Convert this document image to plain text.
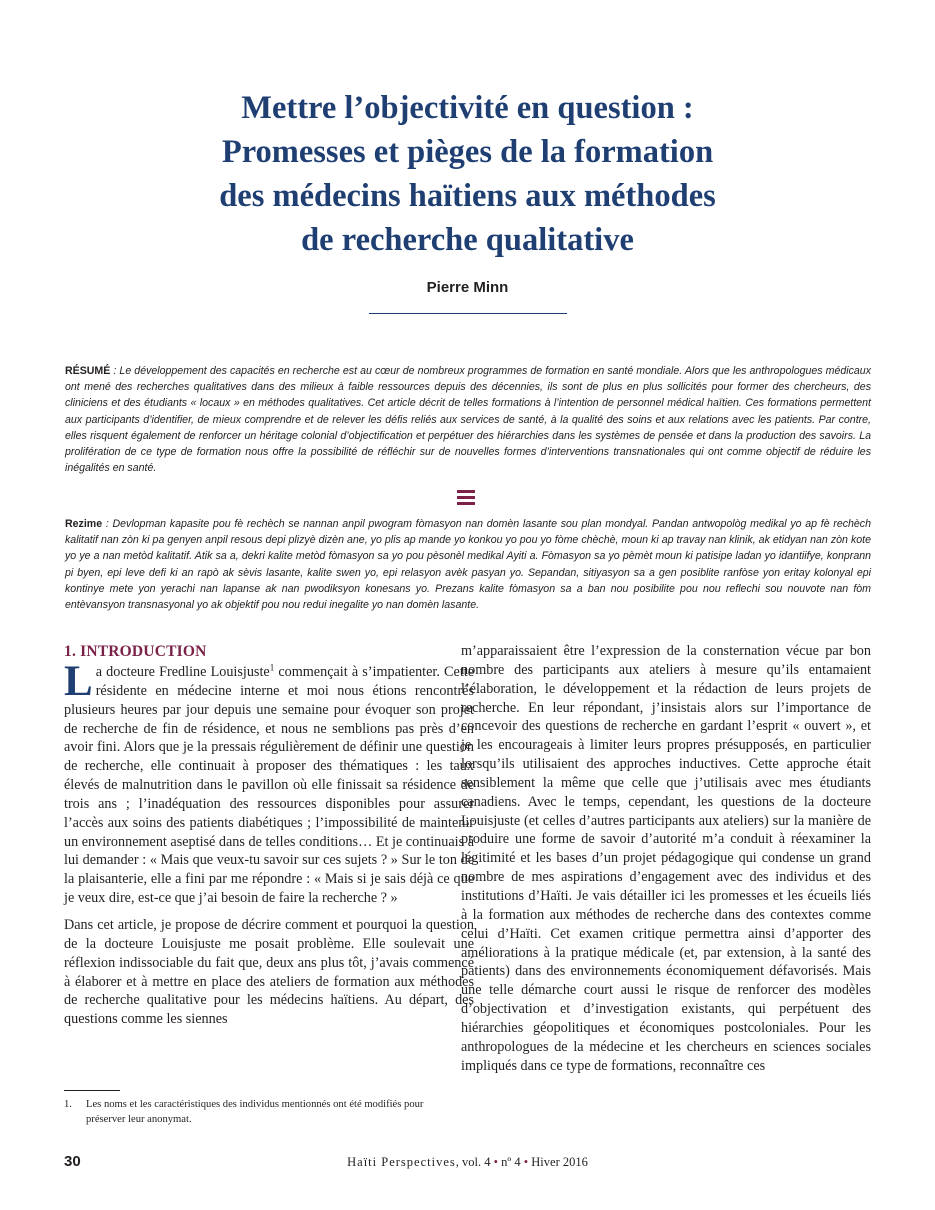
Mettre l’objectivité en question :
Promesses et pièges de la formation
des médecins haïtiens aux méthodes
de recherche qualitative
Pierre Minn

RÉSUMÉ : Le développement des capacités en recherche est au cœur de nombreux programmes de formation en santé mondiale. Alors que les anthropologues médicaux ont mené des recherches qualitatives dans des milieux à faible ressources depuis des décennies, ils sont de plus en plus sollicités pour former des chercheurs, des cliniciens et des étudiants « locaux » en méthodes qualitatives. Cet article décrit de telles formations à l’intention de personnel médical haïtien. Ces formations permettent aux participants d’identifier, de mieux comprendre et de relever les défis reliés aux services de santé, à la qualité des soins et aux relations avec les patients. Par contre, elles risquent également de renforcer un héritage colonial d’objectification et perpétuer des hiérarchies dans les systèmes de pensée et dans la production des savoirs. La prolifération de ce type de formation nous offre la possibilité de réfléchir sur de nouvelles formes d’interventions transnationales qui ont comme objectif de réduire les inégalités en santé.

Rezime : Devlopman kapasite pou fè rechèch se nannan anpil pwogram fòmasyon nan domèn lasante sou plan mondyal. Pandan antwopològ medikal yo ap fè rechèch kalitatif nan zòn ki pa genyen anpil resous depi plizyè dizèn ane, yo plis ap mande yo konkou yo pou yo fòme chèchè, moun ki ap travay nan klinik, ak etidyan nan zòn kote yo ye a nan metòd kalitatif. Atik sa a, dekri kalite metòd fòmasyon sa yo pou pèsonèl medikal Ayiti a. Fòmasyon sa yo pèmèt moun ki patisipe ladan yo idantiifye, konprann pi byen, epi leve defi ki an rapò ak sèvis lasante, kalite swen yo, epi relasyon avèk pasyan yo. Sepandan, sitiyasyon sa a gen posiblite ranfòse yon eritay kolonyal epi kontinye mete yon yerachi nan lapanse ak nan pwodiksyon konesans yo. Prezans kalite fòmasyon sa a ban nou posibilite pou nou reflechi sou nouvote nan fòm entèvansyon transnasyonal yo ak objektif pou nou redui inegalite yo nan domèn lasante.

1. INTRODUCTION

La docteure Fredline Louisjuste$^1$ commençait à s’impatienter. Cette résidente en médecine interne et moi nous étions rencontrés plusieurs heures par jour depuis une semaine pour évoquer son projet de recherche de fin de résidence, et nous ne semblions pas près d’en avoir fini. Alors que je la pressais régulièrement de définir une question de recherche, elle continuait à proposer des thématiques : les taux élevés de malnutrition dans le pavillon où elle finissait sa résidence de trois ans ; l’inadéquation des ressources disponibles pour assurer l’accès aux soins des patients diabétiques ; l’impossibilité de maintenir un environnement aseptisé dans de telles conditions… Et je continuais à lui demander : « Mais que veux-tu savoir sur ces sujets ? » Sur le ton de la plaisanterie, elle a fini par me répondre : « Mais si je sais déjà ce que je veux dire, est-ce que j’ai besoin de faire la recherche ? »

Dans cet article, je propose de décrire comment et pourquoi la question de la docteure Louisjuste me posait problème. Elle soulevait une réflexion indissociable du fait que, deux ans plus tôt, j’avais commencé à élaborer et à mettre en place des ateliers de formation aux méthodes de recherche qualitative pour les médecins haïtiens. Au départ, des questions comme les siennes

m’apparaissaient être l’expression de la consternation vécue par bon nombre des participants aux ateliers à mesure qu’ils entamaient l’élaboration, le développement et la rédaction de leurs projets de recherche. En leur répondant, j’insistais alors sur l’importance de concevoir des questions de recherche en gardant l’esprit « ouvert », et je les encourageais à limiter leurs propres présupposés, en particulier lorsqu’ils utilisaient des approches inductives. Cette approche était sensiblement la même que celle que j’utilisais avec mes étudiants canadiens. Avec le temps, cependant, les questions de la docteure Louisjuste (et celles d’autres participants aux ateliers) sur la manière de produire une forme de savoir d’autorité m’a conduit à réexaminer la légitimité et les bases d’un projet pédagogique qui condense un grand nombre de mes aspirations d’engagement avec des individus et des institutions d’Haïti. Je vais détailler ici les promesses et les écueils liés à la formation aux méthodes de recherche dans des contextes comme celui d’Haïti. Cet examen critique permettra ainsi d’apporter des améliorations à la pratique médicale (et, par extension, à la santé des patients) dans des environnements économiquement défavorisés. Mais une telle démarche court aussi le risque de renforcer des modèles d’objectivation et d’investigation existants, qui perpétuent des hiérarchies géopolitiques et économiques postcoloniales. Pour les anthropologues de la médecine et les chercheurs en sciences sociales impliqués dans ce type de formations, reconnaître ces

1. Les noms et les caractéristiques des individus mentionnés ont été modifiés pour préserver leur anonymat.
30	Haïti Perspectives, vol. 4 • nº 4 • Hiver 2016
